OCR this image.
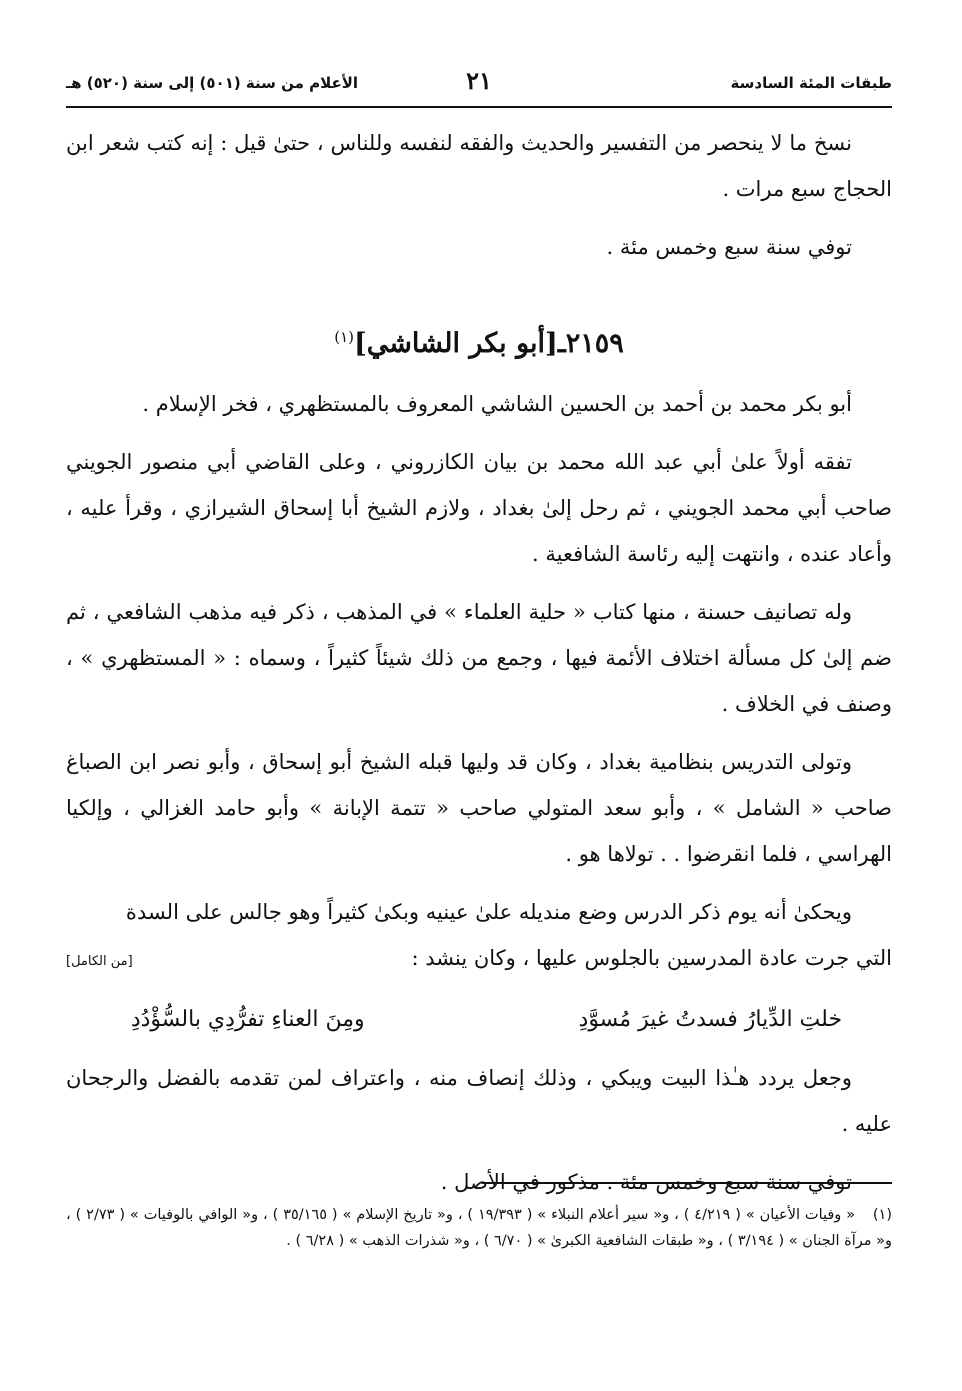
طبقات المئة السادسة
٢١
الأعلام من سنة (٥٠١) إلى سنة (٥٢٠) هـ

نسخ ما لا ينحصر من التفسير والحديث والفقه لنفسه وللناس ، حتىٰ قيل : إنه كتب شعر ابن الحجاج سبع مرات .

توفي سنة سبع وخمس مئة .

٢١٥٩ـ[أبو بكر الشاشي]$^{(١)}$

أبو بكر محمد بن أحمد بن الحسين الشاشي المعروف بالمستظهري ، فخر الإسلام .

تفقه أولاً علىٰ أبي عبد الله محمد بن بيان الكازروني ، وعلى القاضي أبي منصور الجويني صاحب أبي محمد الجويني ، ثم رحل إلىٰ بغداد ، ولازم الشيخ أبا إسحاق الشيرازي ، وقرأ عليه ، وأعاد عنده ، وانتهت إليه رئاسة الشافعية .

وله تصانيف حسنة ، منها كتاب « حلية العلماء » في المذهب ، ذكر فيه مذهب الشافعي ، ثم ضم إلىٰ كل مسألة اختلاف الأئمة فيها ، وجمع من ذلك شيئاً كثيراً ، وسماه : « المستظهري » ، وصنف في الخلاف .

وتولى التدريس بنظامية بغداد ، وكان قد وليها قبله الشيخ أبو إسحاق ، وأبو نصر ابن الصباغ صاحب « الشامل » ، وأبو سعد المتولي صاحب « تتمة الإبانة » وأبو حامد الغزالي ، وإلكيا الهراسي ، فلما انقرضوا . . تولاها هو .

ويحكىٰ أنه يوم ذكر الدرس وضع منديله علىٰ عينيه وبكىٰ كثيراً وهو جالس على السدة

التي جرت عادة المدرسين بالجلوس عليها ، وكان ينشد :
[من الكامل]
خلتِ الدِّيارُ فسدتُ غيرَ مُسوَّدِ
ومِنَ العناءِ تفرُّدِي بالسُّؤْدُدِ

وجعل يردد هـٰذا البيت ويبكي ، وذلك إنصاف منه ، واعتراف لمن تقدمه بالفضل والرجحان عليه .

توفي سنة سبع وخمس مئة . مذكور في الأصل .

(١) « وفيات الأعيان » ( ٤/٢١٩ ) ، و« سير أعلام النبلاء » ( ١٩/٣٩٣ ) ، و« تاريخ الإسلام » ( ٣٥/١٦٥ ) ، و« الوافي بالوفيات » ( ٢/٧٣ ) ، و« مرآة الجنان » ( ٣/١٩٤ ) ، و« طبقات الشافعية الكبرىٰ » ( ٦/٧٠ ) ، و« شذرات الذهب » ( ٦/٢٨ ) .
